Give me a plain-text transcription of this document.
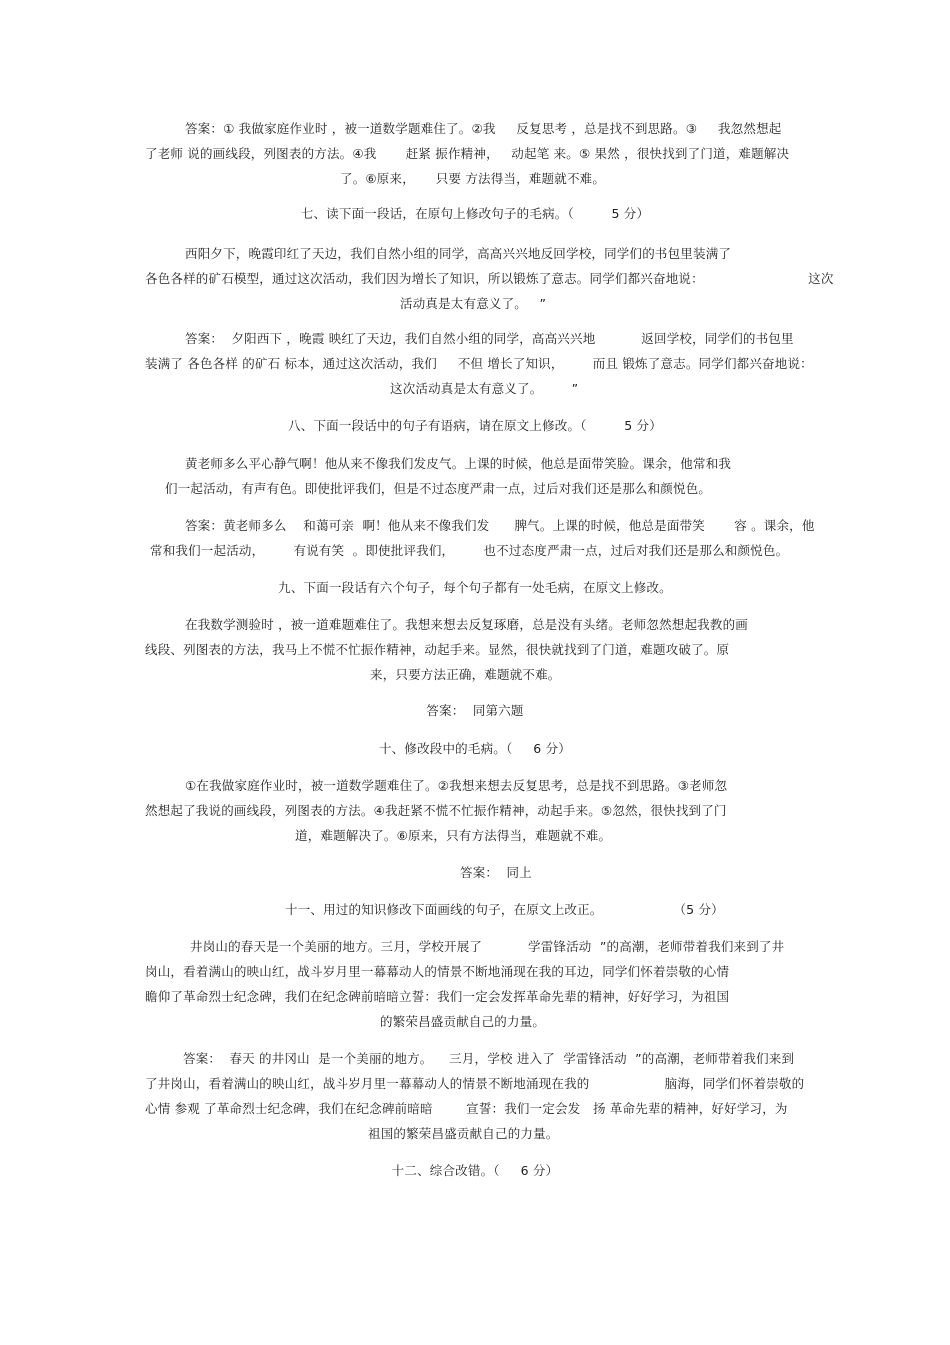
答案：① 我做家庭作业时 ，被一道数学题难住了。②我     反复思考 ，总是找不到思路。③     我忽然想起
了老师 说的画线段，列图表的方法。④我       赶紧 振作精神，   动起笔 来。⑤ 果然 ，很快找到了门道，难题解决
了。⑥原来，     只要 方法得当，难题就不难。
七、读下面一段话，在原句上修改句子的毛病。（         5 分）
西阳夕下，晚霞印红了天边，我们自然小组的同学，高高兴兴地反回学校，同学们的书包里装满了
各色各样的矿石模型，通过这次活动，我们因为增长了知识，所以锻炼了意志。同学们都兴奋地说：                         这次
活动真是太有意义了。   ”
答案：  夕阳西下 ，晚霞 映红了天边，我们自然小组的同学，高高兴兴地           返回学校，同学们的书包里
装满了 各色各样 的矿石 标本，通过这次活动，我们     不但 增长了知识，       而且 锻炼了意志。同学们都兴奋地说：
这次活动真是太有意义了。       ”
八、下面一段话中的句子有语病，请在原文上修改。（         5 分）
黄老师多么平心静气啊！他从来不像我们发皮气。上课的时候，他总是面带笑脸。课余，他常和我
们一起活动，有声有色。即使批评我们，但是不过态度严肃一点，过后对我们还是那么和颜悦色。
答案：黄老师多么    和蔼可亲  啊！他从来不像我们发      脾气。上课的时候，他总是面带笑       容 。课余，他
常和我们一起活动，       有说有笑  。即使批评我们，       也不过态度严肃一点，过后对我们还是那么和颜悦色。
九、下面一段话有六个句子，每个句子都有一处毛病，在原文上修改。
在我数学测验时 ，被一道难题难住了。我想来想去反复琢磨，总是没有头绪。老师忽然想起我教的画
线段、列图表的方法，我马上不慌不忙振作精神，动起手来。显然，很快就找到了门道，难题攻破了。原
来，只要方法正确，难题就不难。
答案：  同第六题
十、修改段中的毛病。（     6 分）
①在我做家庭作业时，被一道数学题难住了。②我想来想去反复思考，总是找不到思路。③老师忽
然想起了我说的画线段，列图表的方法。④我赶紧不慌不忙振作精神，动起手来。⑤忽然，很快找到了门
道，难题解决了。⑥原来，只有方法得当，难题就不难。
答案：  同上
十一、用过的知识修改下面画线的句子，在原文上改正。                 （5 分）
井岗山的春天是一个美丽的地方。三月，学校开展了           学雷锋活动  ”的高潮，老师带着我们来到了井
岗山，看着满山的映山红，战斗岁月里一幕幕动人的情景不断地涌现在我的耳边，同学们怀着崇敬的心情
瞻仰了革命烈士纪念碑，我们在纪念碑前暗暗立誓：我们一定会发挥革命先辈的精神，好好学习，为祖国
的繁荣昌盛贡献自己的力量。
答案：  春天 的井冈山  是一个美丽的地方。    三月，学校 进入了  学雷锋活动  ”的高潮，老师带着我们来到
了井岗山，看着满山的映山红，战斗岁月里一幕幕动人的情景不断地涌现在我的                  脑海，同学们怀着崇敬的
心情 参观 了革命烈士纪念碑，我们在纪念碑前暗暗        宣誓：我们一定会发   扬 革命先辈的精神，好好学习，为
祖国的繁荣昌盛贡献自己的力量。
十二、综合改错。（     6 分）
